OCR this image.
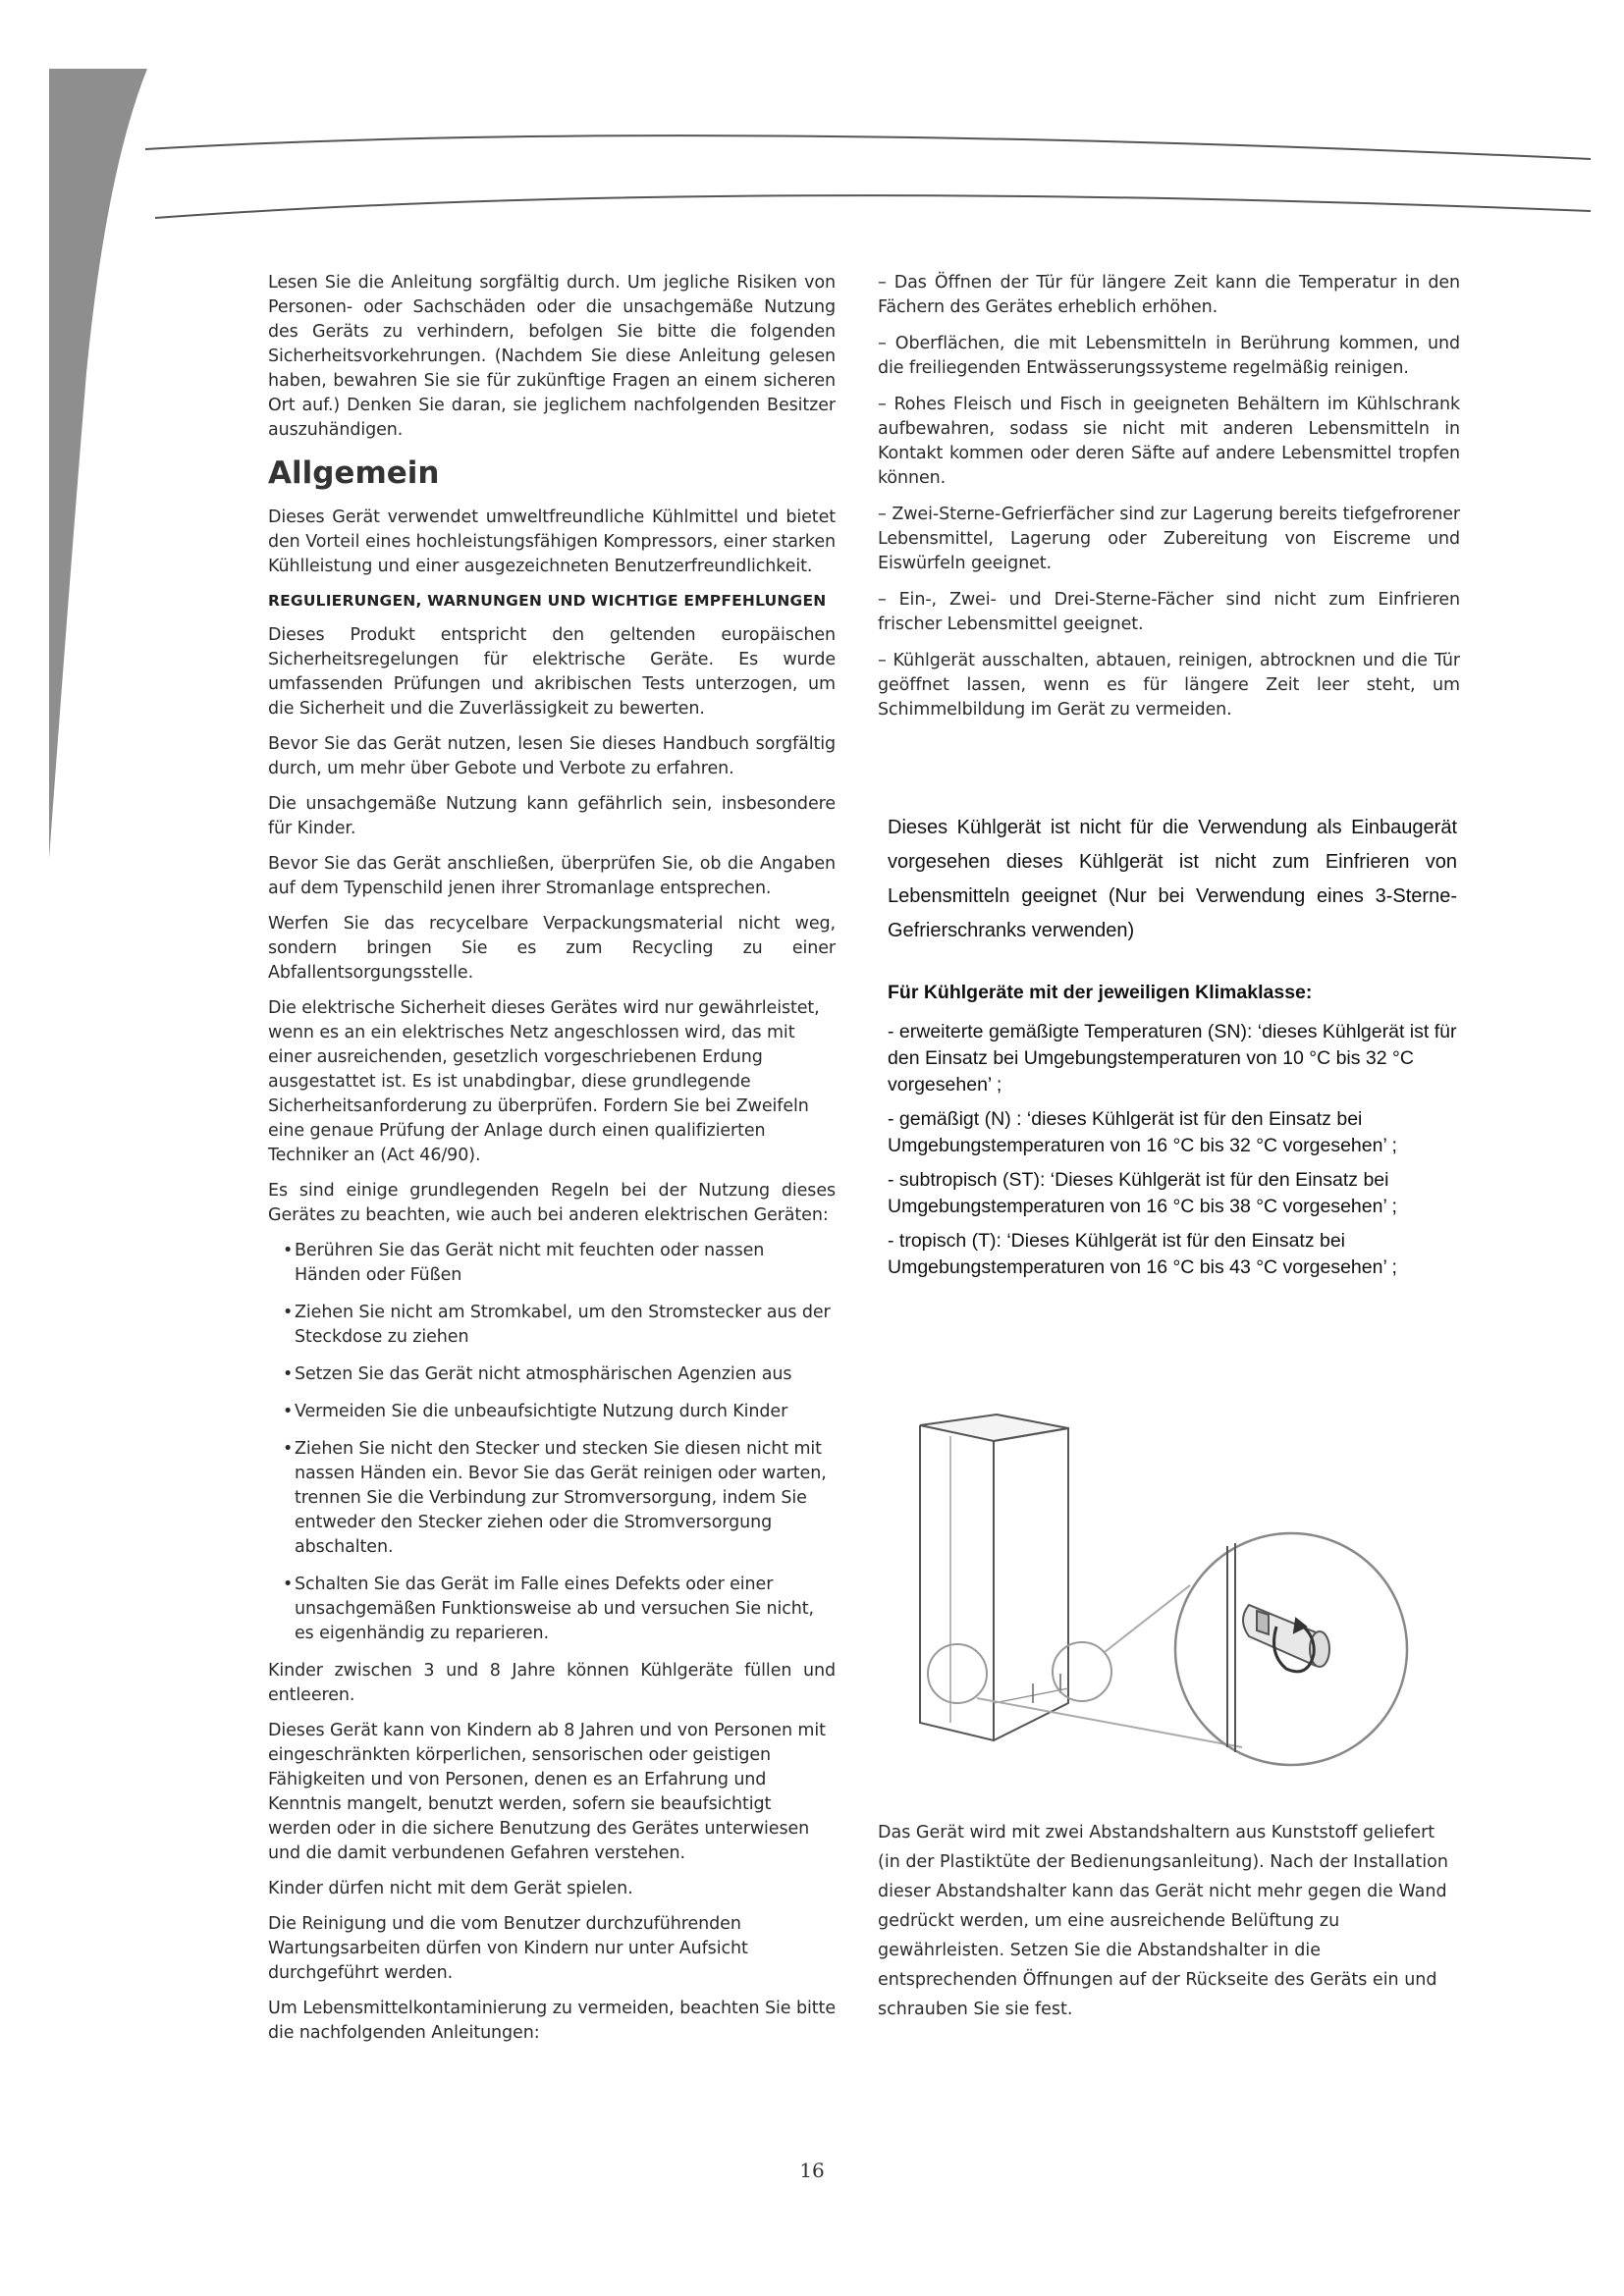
Lesen Sie die Anleitung sorgfältig durch. Um jegliche Risiken von Personen- oder Sachschäden oder die unsachgemäße Nutzung des Geräts zu verhindern, befolgen Sie bitte die folgenden Sicherheitsvorkehrungen. (Nachdem Sie diese Anleitung gelesen haben, bewahren Sie sie für zukünftige Fragen an einem sicheren Ort auf.) Denken Sie daran, sie jeglichem nachfolgenden Besitzer auszuhändigen.

Allgemein

Dieses Gerät verwendet umweltfreundliche Kühlmittel und bietet den Vorteil eines hochleistungsfähigen Kompressors, einer starken Kühlleistung und einer ausgezeichneten Benutzerfreundlichkeit.

REGULIERUNGEN, WARNUNGEN UND WICHTIGE EMPFEHLUNGEN

Dieses Produkt entspricht den geltenden europäischen Sicherheitsregelungen für elektrische Geräte. Es wurde umfassenden Prüfungen und akribischen Tests unterzogen, um die Sicherheit und die Zuverlässigkeit zu bewerten.

Bevor Sie das Gerät nutzen, lesen Sie dieses Handbuch sorgfältig durch, um mehr über Gebote und Verbote zu erfahren.

Die unsachgemäße Nutzung kann gefährlich sein, insbesondere für Kinder.

Bevor Sie das Gerät anschließen, überprüfen Sie, ob die Angaben auf dem Typenschild jenen ihrer Stromanlage entsprechen.

Werfen Sie das recycelbare Verpackungsmaterial nicht weg, sondern bringen Sie es zum Recycling zu einer Abfallentsorgungsstelle.

Die elektrische Sicherheit dieses Gerätes wird nur gewährleistet, wenn es an ein elektrisches Netz angeschlossen wird, das mit einer ausreichenden, gesetzlich vorgeschriebenen Erdung ausgestattet ist. Es ist unabdingbar, diese grundlegende Sicherheitsanforderung zu überprüfen. Fordern Sie bei Zweifeln eine genaue Prüfung der Anlage durch einen qualifizierten Techniker an (Act 46/90).

Es sind einige grundlegenden Regeln bei der Nutzung dieses Gerätes zu beachten, wie auch bei anderen elektrischen Geräten:

• Berühren Sie das Gerät nicht mit feuchten oder nassen Händen oder Füßen
• Ziehen Sie nicht am Stromkabel, um den Stromstecker aus der Steckdose zu ziehen
• Setzen Sie das Gerät nicht atmosphärischen Agenzien aus
• Vermeiden Sie die unbeaufsichtigte Nutzung durch Kinder
• Ziehen Sie nicht den Stecker und stecken Sie diesen nicht mit nassen Händen ein. Bevor Sie das Gerät reinigen oder warten, trennen Sie die Verbindung zur Stromversorgung, indem Sie entweder den Stecker ziehen oder die Stromversorgung abschalten.
• Schalten Sie das Gerät im Falle eines Defekts oder einer unsachgemäßen Funktionsweise ab und versuchen Sie nicht, es eigenhändig zu reparieren.

Kinder zwischen 3 und 8 Jahre können Kühlgeräte füllen und entleeren.

Dieses Gerät kann von Kindern ab 8 Jahren und von Personen mit eingeschränkten körperlichen, sensorischen oder geistigen Fähigkeiten und von Personen, denen es an Erfahrung und Kenntnis mangelt, benutzt werden, sofern sie beaufsichtigt werden oder in die sichere Benutzung des Gerätes unterwiesen und die damit verbundenen Gefahren verstehen.

Kinder dürfen nicht mit dem Gerät spielen.

Die Reinigung und die vom Benutzer durchzuführenden Wartungsarbeiten dürfen von Kindern nur unter Aufsicht durchgeführt werden.

Um Lebensmittelkontaminierung zu vermeiden, beachten Sie bitte die nachfolgenden Anleitungen:

– Das Öffnen der Tür für längere Zeit kann die Temperatur in den Fächern des Gerätes erheblich erhöhen.

– Oberflächen, die mit Lebensmitteln in Berührung kommen, und die freiliegenden Entwässerungssysteme regelmäßig reinigen.

– Rohes Fleisch und Fisch in geeigneten Behältern im Kühlschrank aufbewahren, sodass sie nicht mit anderen Lebensmitteln in Kontakt kommen oder deren Säfte auf andere Lebensmittel tropfen können.

– Zwei-Sterne-Gefrierfächer sind zur Lagerung bereits tiefgefrorener Lebensmittel, Lagerung oder Zubereitung von Eiscreme und Eiswürfeln geeignet.

– Ein-, Zwei- und Drei-Sterne-Fächer sind nicht zum Einfrieren frischer Lebensmittel geeignet.

– Kühlgerät ausschalten, abtauen, reinigen, abtrocknen und die Tür geöffnet lassen, wenn es für längere Zeit leer steht, um Schimmelbildung im Gerät zu vermeiden.

Dieses Kühlgerät ist nicht für die Verwendung als Einbaugerät vorgesehen dieses Kühlgerät ist nicht zum Einfrieren von Lebensmitteln geeignet (Nur bei Verwendung eines 3-Sterne-Gefrierschranks verwenden)

Für Kühlgeräte mit der jeweiligen Klimaklasse:

- erweiterte gemäßigte Temperaturen (SN): ‘dieses Kühlgerät ist für den Einsatz bei Umgebungstemperaturen von 10 °C bis 32 °C vorgesehen’ ;

- gemäßigt (N) : ‘dieses Kühlgerät ist für den Einsatz bei Umgebungstemperaturen von 16 °C bis 32 °C vorgesehen’ ;

- subtropisch (ST): ‘Dieses Kühlgerät ist für den Einsatz bei Umgebungstemperaturen von 16 °C bis 38 °C vorgesehen’ ;

- tropisch (T): ‘Dieses Kühlgerät ist für den Einsatz bei Umgebungstemperaturen von 16 °C bis 43 °C vorgesehen’ ;

Das Gerät wird mit zwei Abstandshaltern aus Kunststoff geliefert (in der Plastiktüte der Bedienungsanleitung). Nach der Installation dieser Abstandshalter kann das Gerät nicht mehr gegen die Wand gedrückt werden, um eine ausreichende Belüftung zu gewährleisten. Setzen Sie die Abstandshalter in die entsprechenden Öffnungen auf der Rückseite des Geräts ein und schrauben Sie sie fest.

16
